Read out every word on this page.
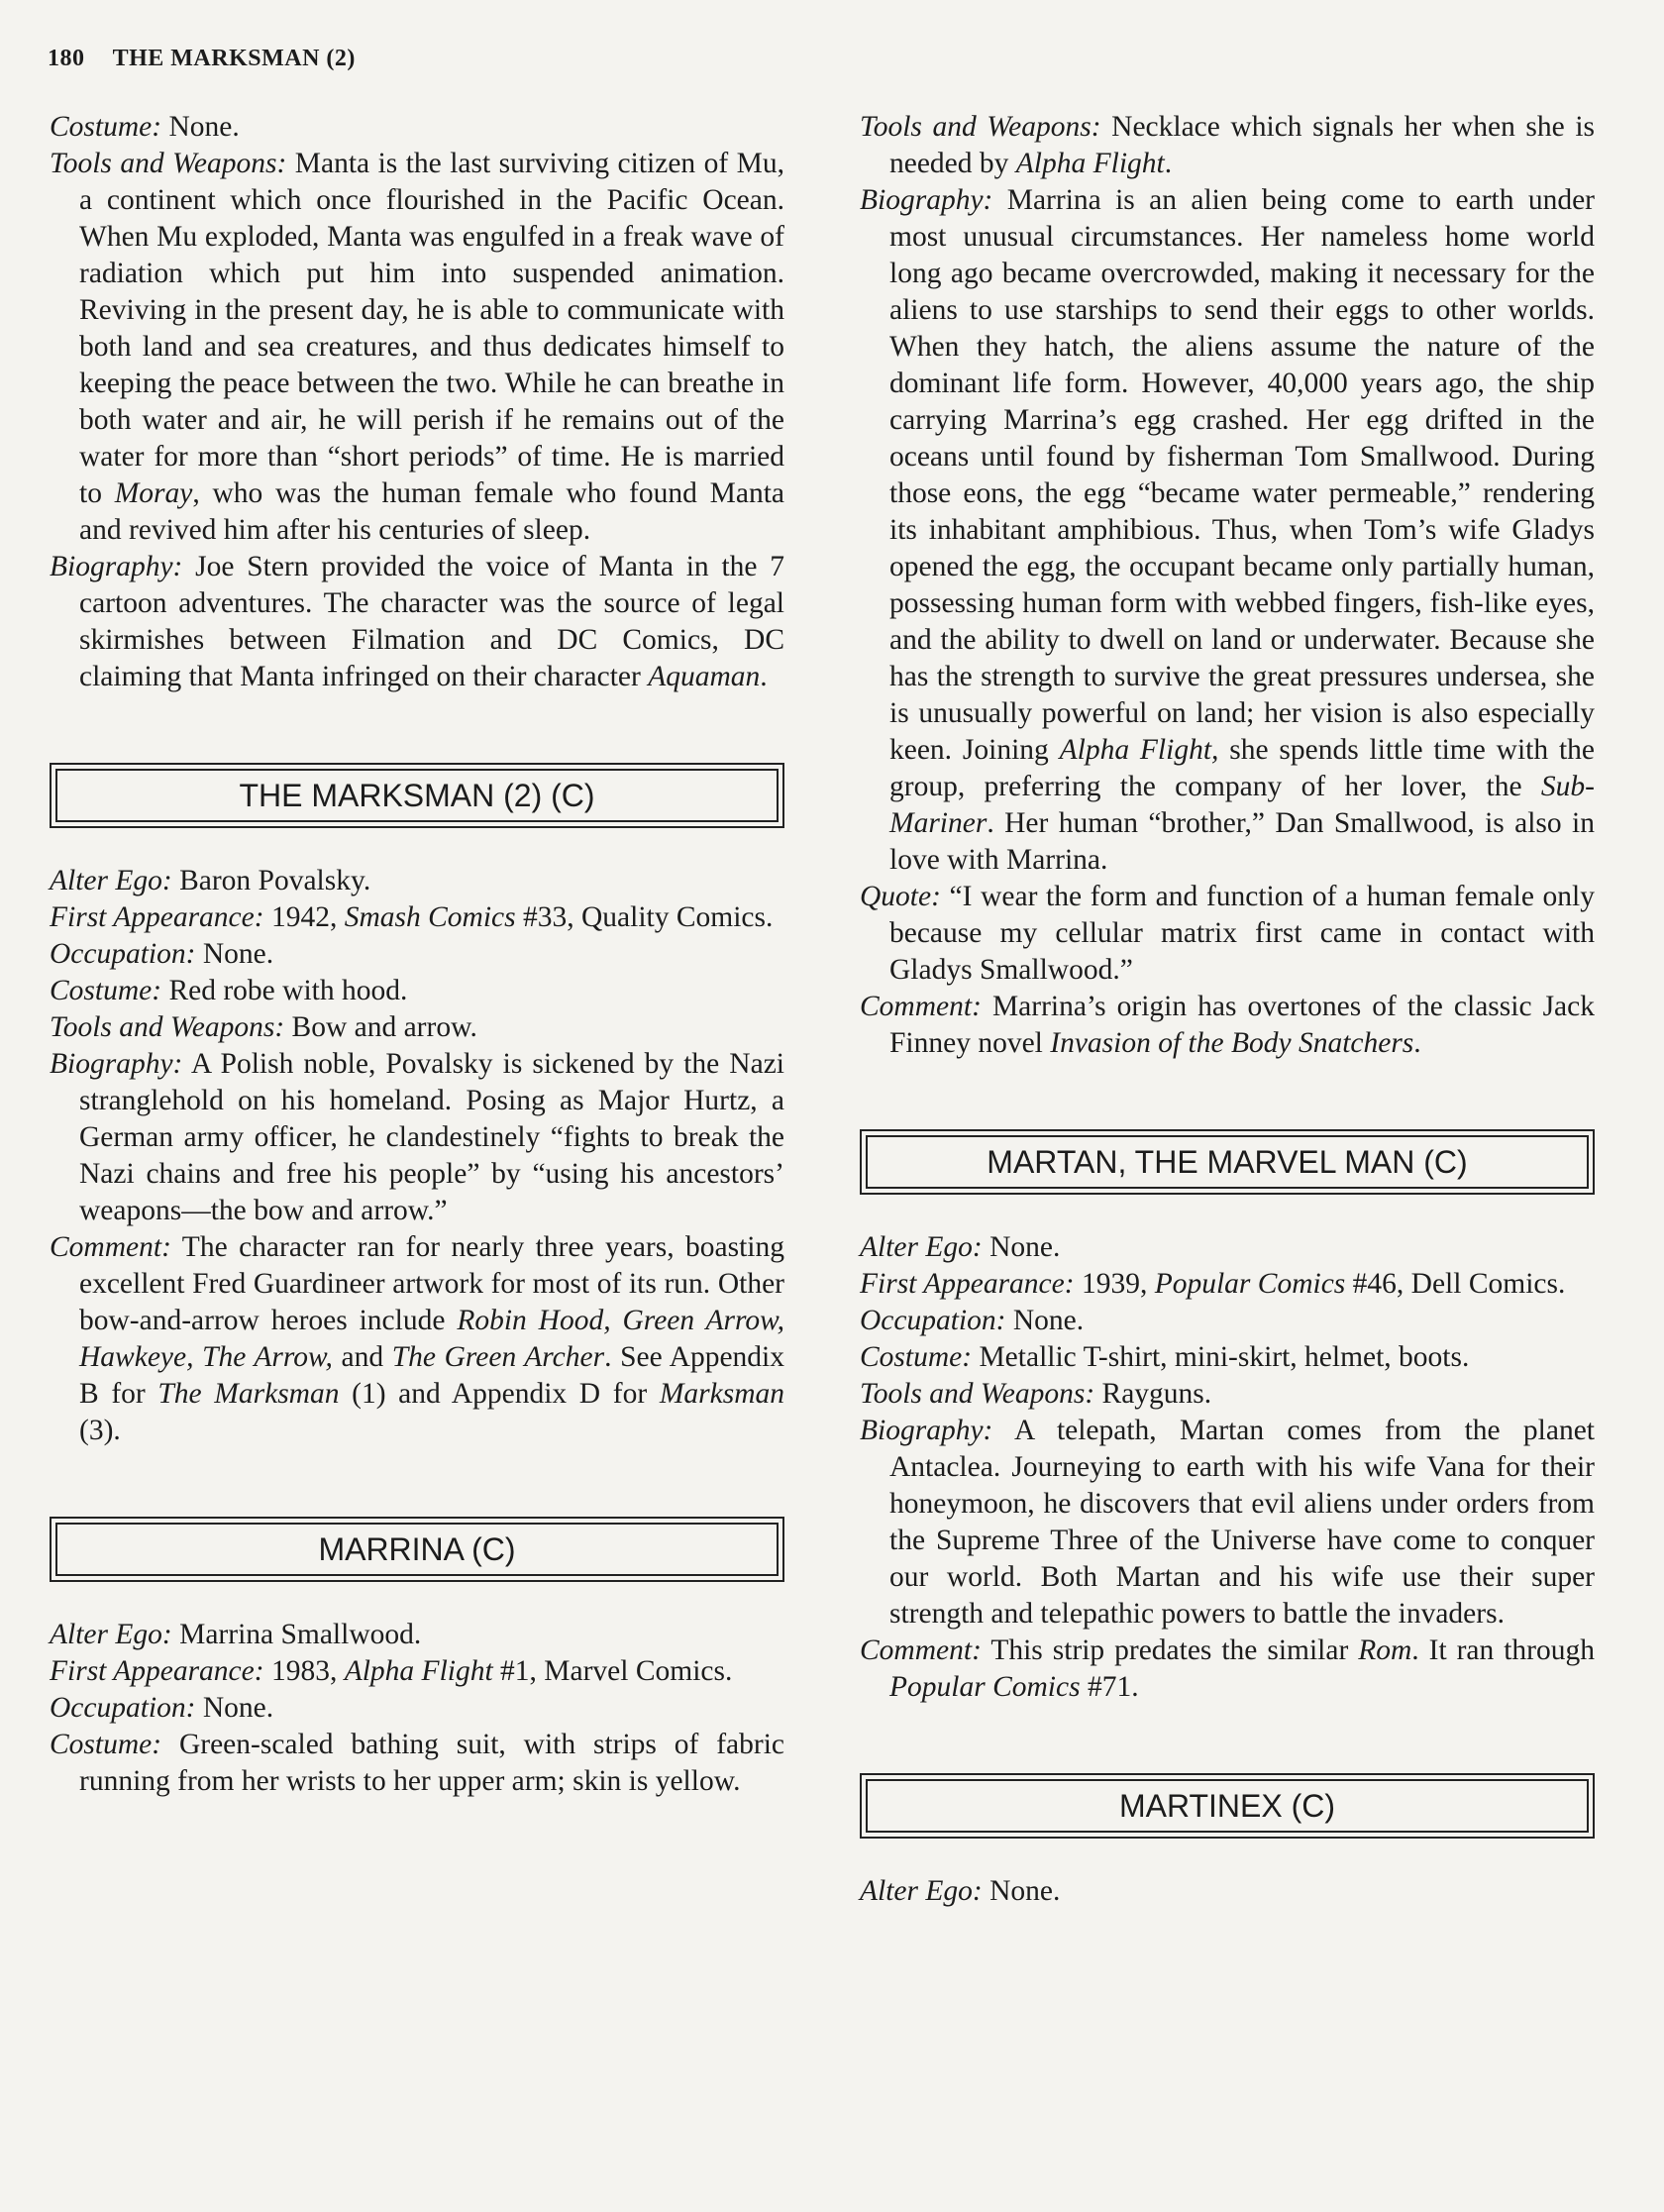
180 THE MARKSMAN (2)

Costume: None.

Tools and Weapons: Manta is the last surviving citizen of Mu, a continent which once flourished in the Pacific Ocean. When Mu exploded, Manta was engulfed in a freak wave of radiation which put him into suspended animation. Reviving in the present day, he is able to communicate with both land and sea creatures, and thus dedicates himself to keeping the peace between the two. While he can breathe in both water and air, he will perish if he remains out of the water for more than “short periods” of time. He is married to Moray, who was the human female who found Manta and revived him after his centuries of sleep.

Biography: Joe Stern provided the voice of Manta in the 7 cartoon adventures. The character was the source of legal skirmishes between Filmation and DC Comics, DC claiming that Manta infringed on their character Aquaman.

THE MARKSMAN (2) (C)

Alter Ego: Baron Povalsky.

First Appearance: 1942, Smash Comics #33, Quality Comics.

Occupation: None.

Costume: Red robe with hood.

Tools and Weapons: Bow and arrow.

Biography: A Polish noble, Povalsky is sickened by the Nazi stranglehold on his homeland. Posing as Major Hurtz, a German army officer, he clandestinely “fights to break the Nazi chains and free his people” by “using his ancestors’ weapons—the bow and arrow.”

Comment: The character ran for nearly three years, boasting excellent Fred Guardineer artwork for most of its run. Other bow-and-arrow heroes include Robin Hood, Green Arrow, Hawkeye, The Arrow, and The Green Archer. See Appendix B for The Marksman (1) and Appendix D for Marksman (3).

MARRINA (C)

Alter Ego: Marrina Smallwood.

First Appearance: 1983, Alpha Flight #1, Marvel Comics.

Occupation: None.

Costume: Green-scaled bathing suit, with strips of fabric running from her wrists to her upper arm; skin is yellow.

Tools and Weapons: Necklace which signals her when she is needed by Alpha Flight.

Biography: Marrina is an alien being come to earth under most unusual circumstances. Her nameless home world long ago became overcrowded, making it necessary for the aliens to use starships to send their eggs to other worlds. When they hatch, the aliens assume the nature of the dominant life form. However, 40,000 years ago, the ship carrying Marrina’s egg crashed. Her egg drifted in the oceans until found by fisherman Tom Smallwood. During those eons, the egg “became water permeable,” rendering its inhabitant amphibious. Thus, when Tom’s wife Gladys opened the egg, the occupant became only partially human, possessing human form with webbed fingers, fish-like eyes, and the ability to dwell on land or underwater. Because she has the strength to survive the great pressures undersea, she is unusually powerful on land; her vision is also especially keen. Joining Alpha Flight, she spends little time with the group, preferring the company of her lover, the Sub-Mariner. Her human “brother,” Dan Smallwood, is also in love with Marrina.

Quote: “I wear the form and function of a human female only because my cellular matrix first came in contact with Gladys Smallwood.”

Comment: Marrina’s origin has overtones of the classic Jack Finney novel Invasion of the Body Snatchers.

MARTAN, THE MARVEL MAN (C)

Alter Ego: None.

First Appearance: 1939, Popular Comics #46, Dell Comics.

Occupation: None.

Costume: Metallic T-shirt, mini-skirt, helmet, boots.

Tools and Weapons: Rayguns.

Biography: A telepath, Martan comes from the planet Antaclea. Journeying to earth with his wife Vana for their honeymoon, he discovers that evil aliens under orders from the Supreme Three of the Universe have come to conquer our world. Both Martan and his wife use their super strength and telepathic powers to battle the invaders.

Comment: This strip predates the similar Rom. It ran through Popular Comics #71.

MARTINEX (C)

Alter Ego: None.
